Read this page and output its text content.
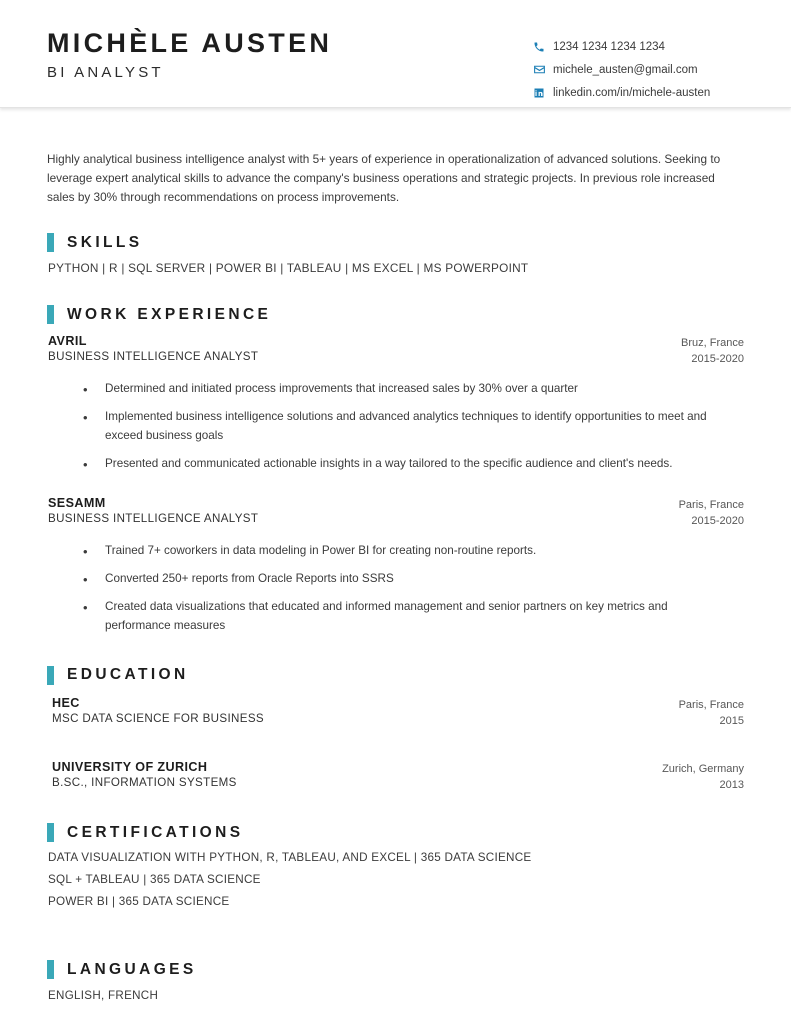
MICHÈLE AUSTEN
BI ANALYST
1234 1234 1234 1234
michele_austen@gmail.com
linkedin.com/in/michele-austen
Highly analytical business intelligence analyst with 5+ years of experience in operationalization of advanced solutions. Seeking to leverage expert analytical skills to advance the company's business operations and strategic projects. In previous role increased sales by 30% through recommendations on process improvements.
SKILLS
PYTHON | R | SQL SERVER | POWER BI | TABLEAU | MS EXCEL | MS POWERPOINT
WORK EXPERIENCE
AVRIL
BUSINESS INTELLIGENCE ANALYST
Bruz, France
2015-2020
• Determined and initiated process improvements that increased sales by 30% over a quarter
• Implemented business intelligence solutions and advanced analytics techniques to identify opportunities to meet and exceed business goals
• Presented and communicated actionable insights in a way tailored to the specific audience and client's needs.
SESAMM
BUSINESS INTELLIGENCE ANALYST
Paris, France
2015-2020
• Trained 7+ coworkers in data modeling in Power BI for creating non-routine reports.
• Converted 250+ reports from Oracle Reports into SSRS
• Created data visualizations that educated and informed management and senior partners on key metrics and performance measures
EDUCATION
HEC
MSC DATA SCIENCE FOR BUSINESS
Paris, France
2015
UNIVERSITY OF ZURICH
B.SC., INFORMATION SYSTEMS
Zurich, Germany
2013
CERTIFICATIONS
DATA VISUALIZATION WITH PYTHON, R, TABLEAU, AND EXCEL | 365 DATA SCIENCE
SQL + TABLEAU | 365 DATA SCIENCE
POWER BI | 365 DATA SCIENCE
LANGUAGES
ENGLISH, FRENCH
